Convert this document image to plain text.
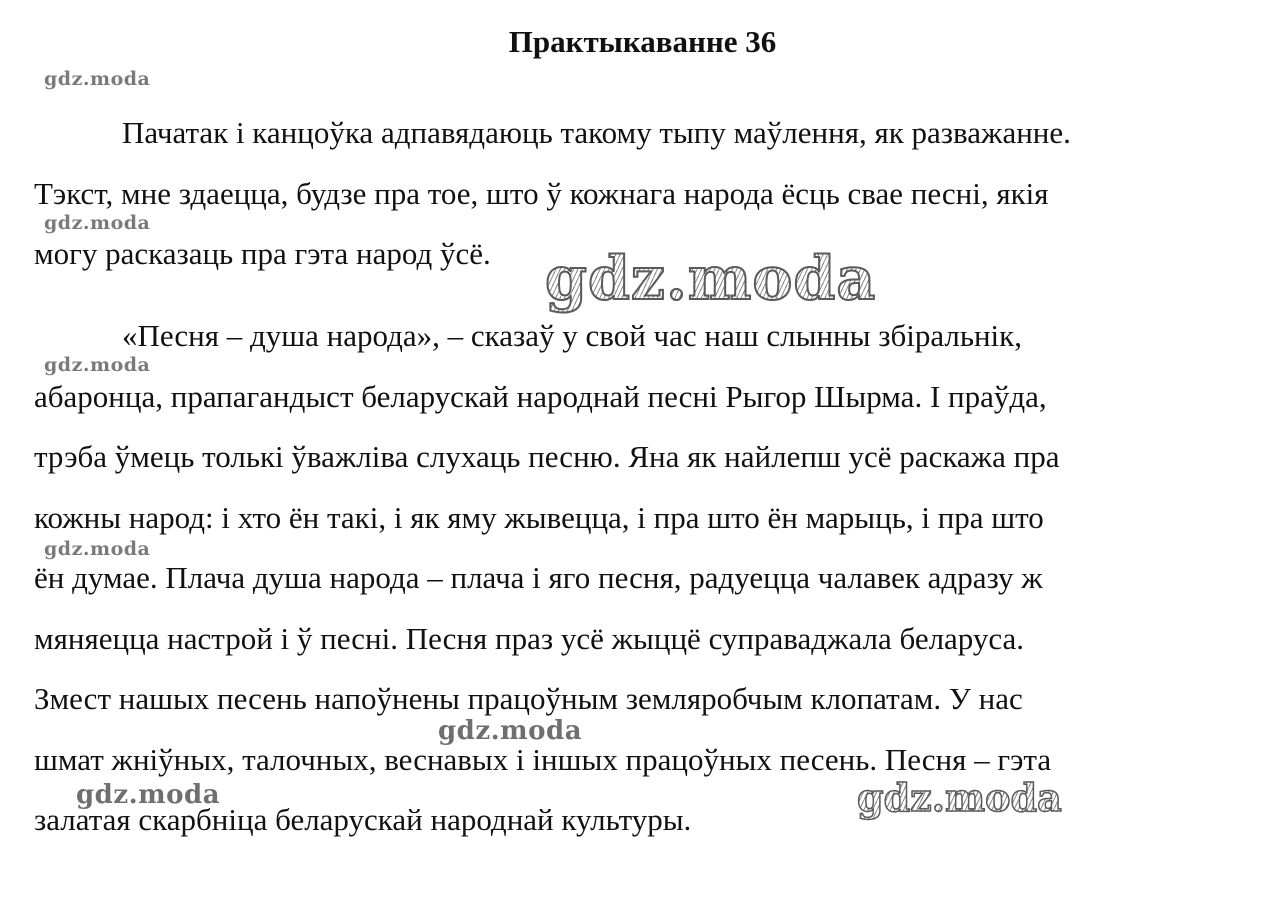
Практыкаванне 36

Пачатак і канцоўка адпавядаюць такому тыпу маўлення, як разважанне.
Тэкст, мне здаецца, будзе пра тое, што ў кожнага народа ёсць свае песні, якія
могу расказаць пра гэта народ ўсё.

«Песня – душа народа», – сказаў у свой час наш слынны збіральнік,
абаронца, прапагандыст беларускай народнай песні Рыгор Шырма. І праўда,
трэба ўмець толькі ўважліва слухаць песню. Яна як найлепш усё раскажа пра
кожны народ: і хто ён такі, і як яму жывецца, і пра што ён марыць, і пра што
ён думае. Плача душа народа – плача і яго песня, радуецца чалавек адразу ж
мяняецца настрой і ў песні. Песня праз усё жыццё суправаджала беларуса.
Змест нашых песень напоўнены працоўным земляробчым клопатам. У нас
шмат жніўных, талочных, веснавых і іншых працоўных песень. Песня – гэта
залатая скарбніца беларускай народнай культуры.

gdz.moda
gdz.moda
gdz.moda
gdz.moda
gdz.moda
gdz.moda
gdz.moda
gdz.moda
